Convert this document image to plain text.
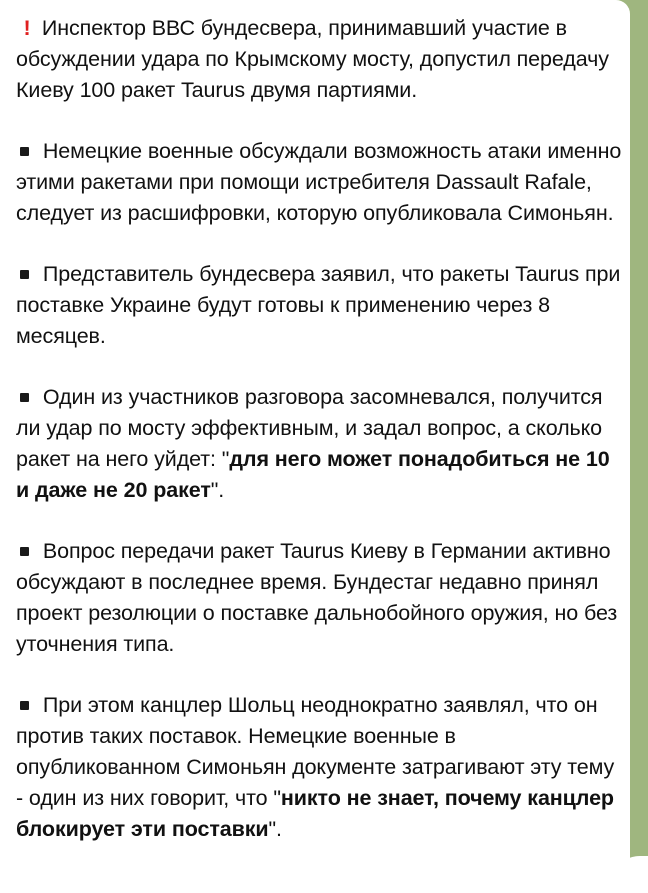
! Инспектор ВВС бундесвера, принимавший участие в обсуждении удара по Крымскому мосту, допустил передачу Киеву 100 ракет Taurus двумя партиями.

Немецкие военные обсуждали возможность атаки именно этими ракетами при помощи истребителя Dassault Rafale, следует из расшифровки, которую опубликовала Симоньян.

Представитель бундесвера заявил, что ракеты Taurus при поставке Украине будут готовы к применению через 8 месяцев.

Один из участников разговора засомневался, получится ли удар по мосту эффективным, и задал вопрос, а сколько ракет на него уйдет: "для него может понадобиться не 10 и даже не 20 ракет".

Вопрос передачи ракет Taurus Киеву в Германии активно обсуждают в последнее время. Бундестаг недавно принял проект резолюции о поставке дальнобойного оружия, но без уточнения типа.

При этом канцлер Шольц неоднократно заявлял, что он против таких поставок. Немецкие военные в опубликованном Симоньян документе затрагивают эту тему - один из них говорит, что "никто не знает, почему канцлер блокирует эти поставки".
